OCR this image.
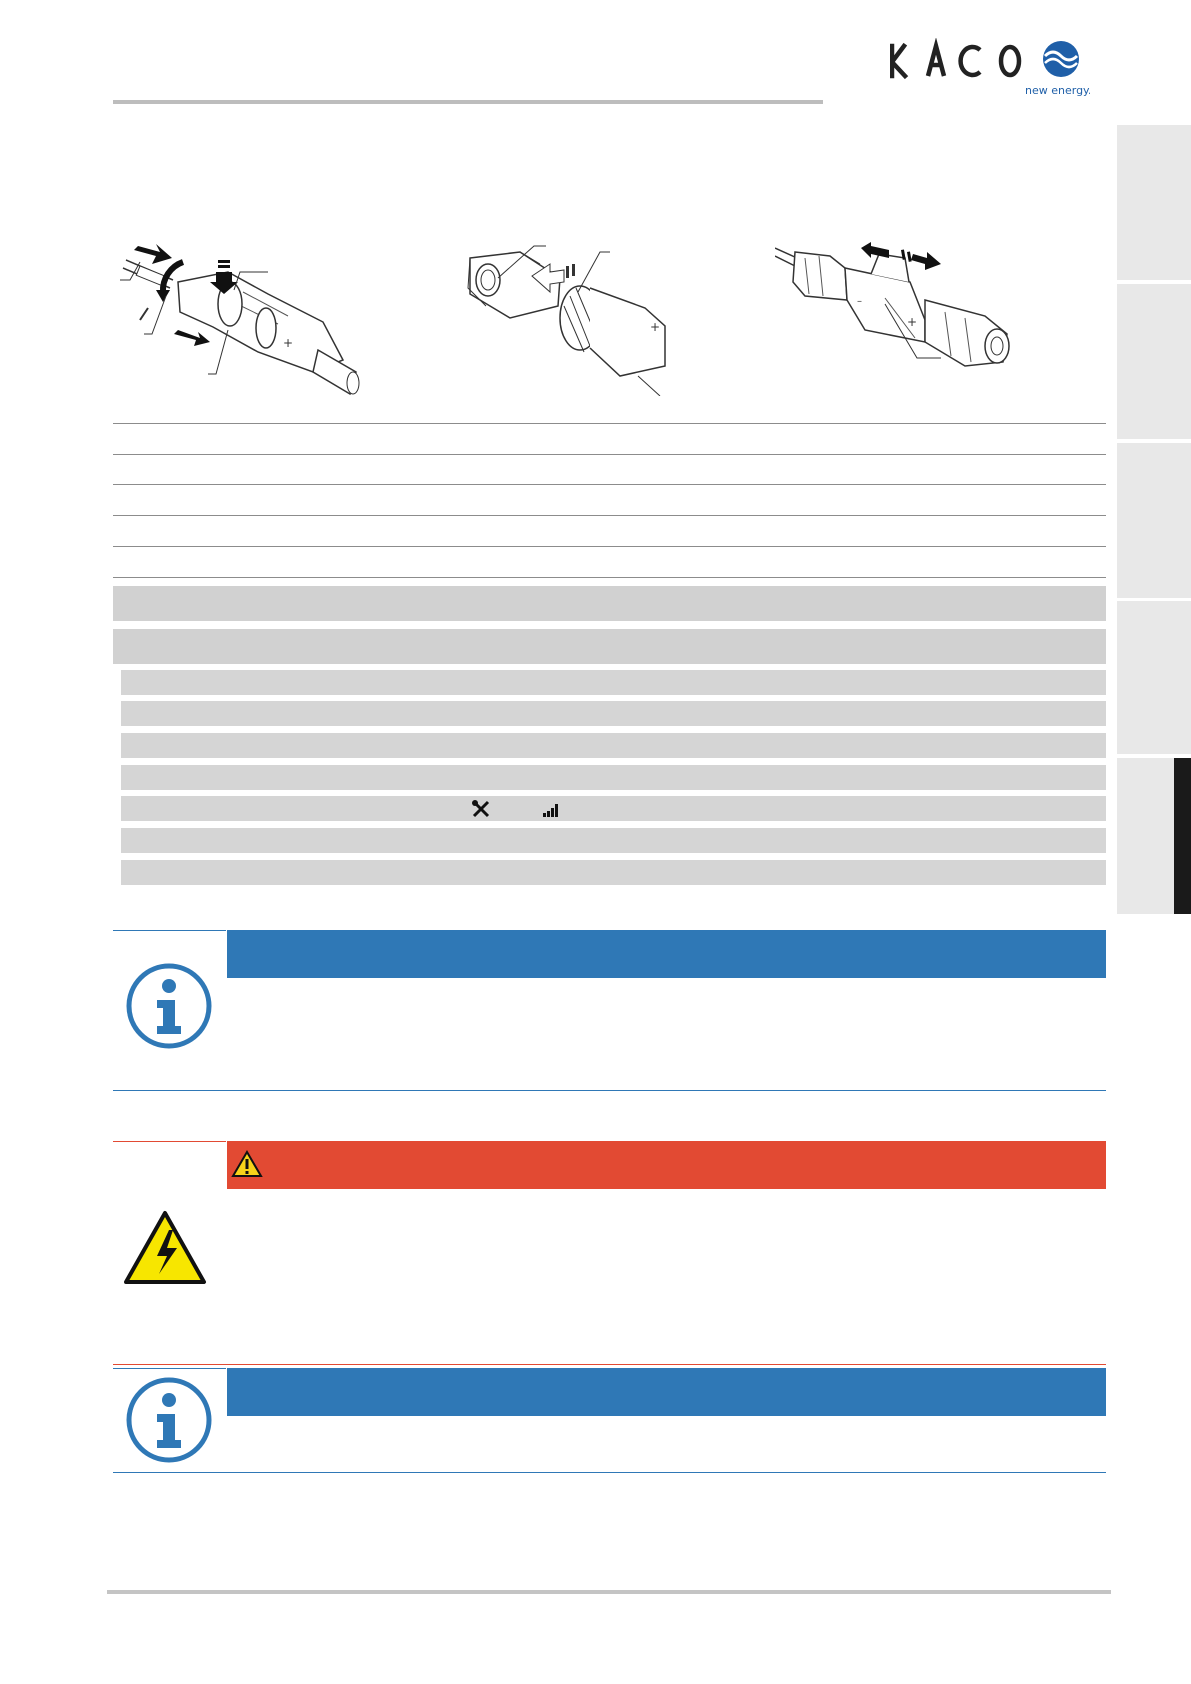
new energy.
+
+	+
–
